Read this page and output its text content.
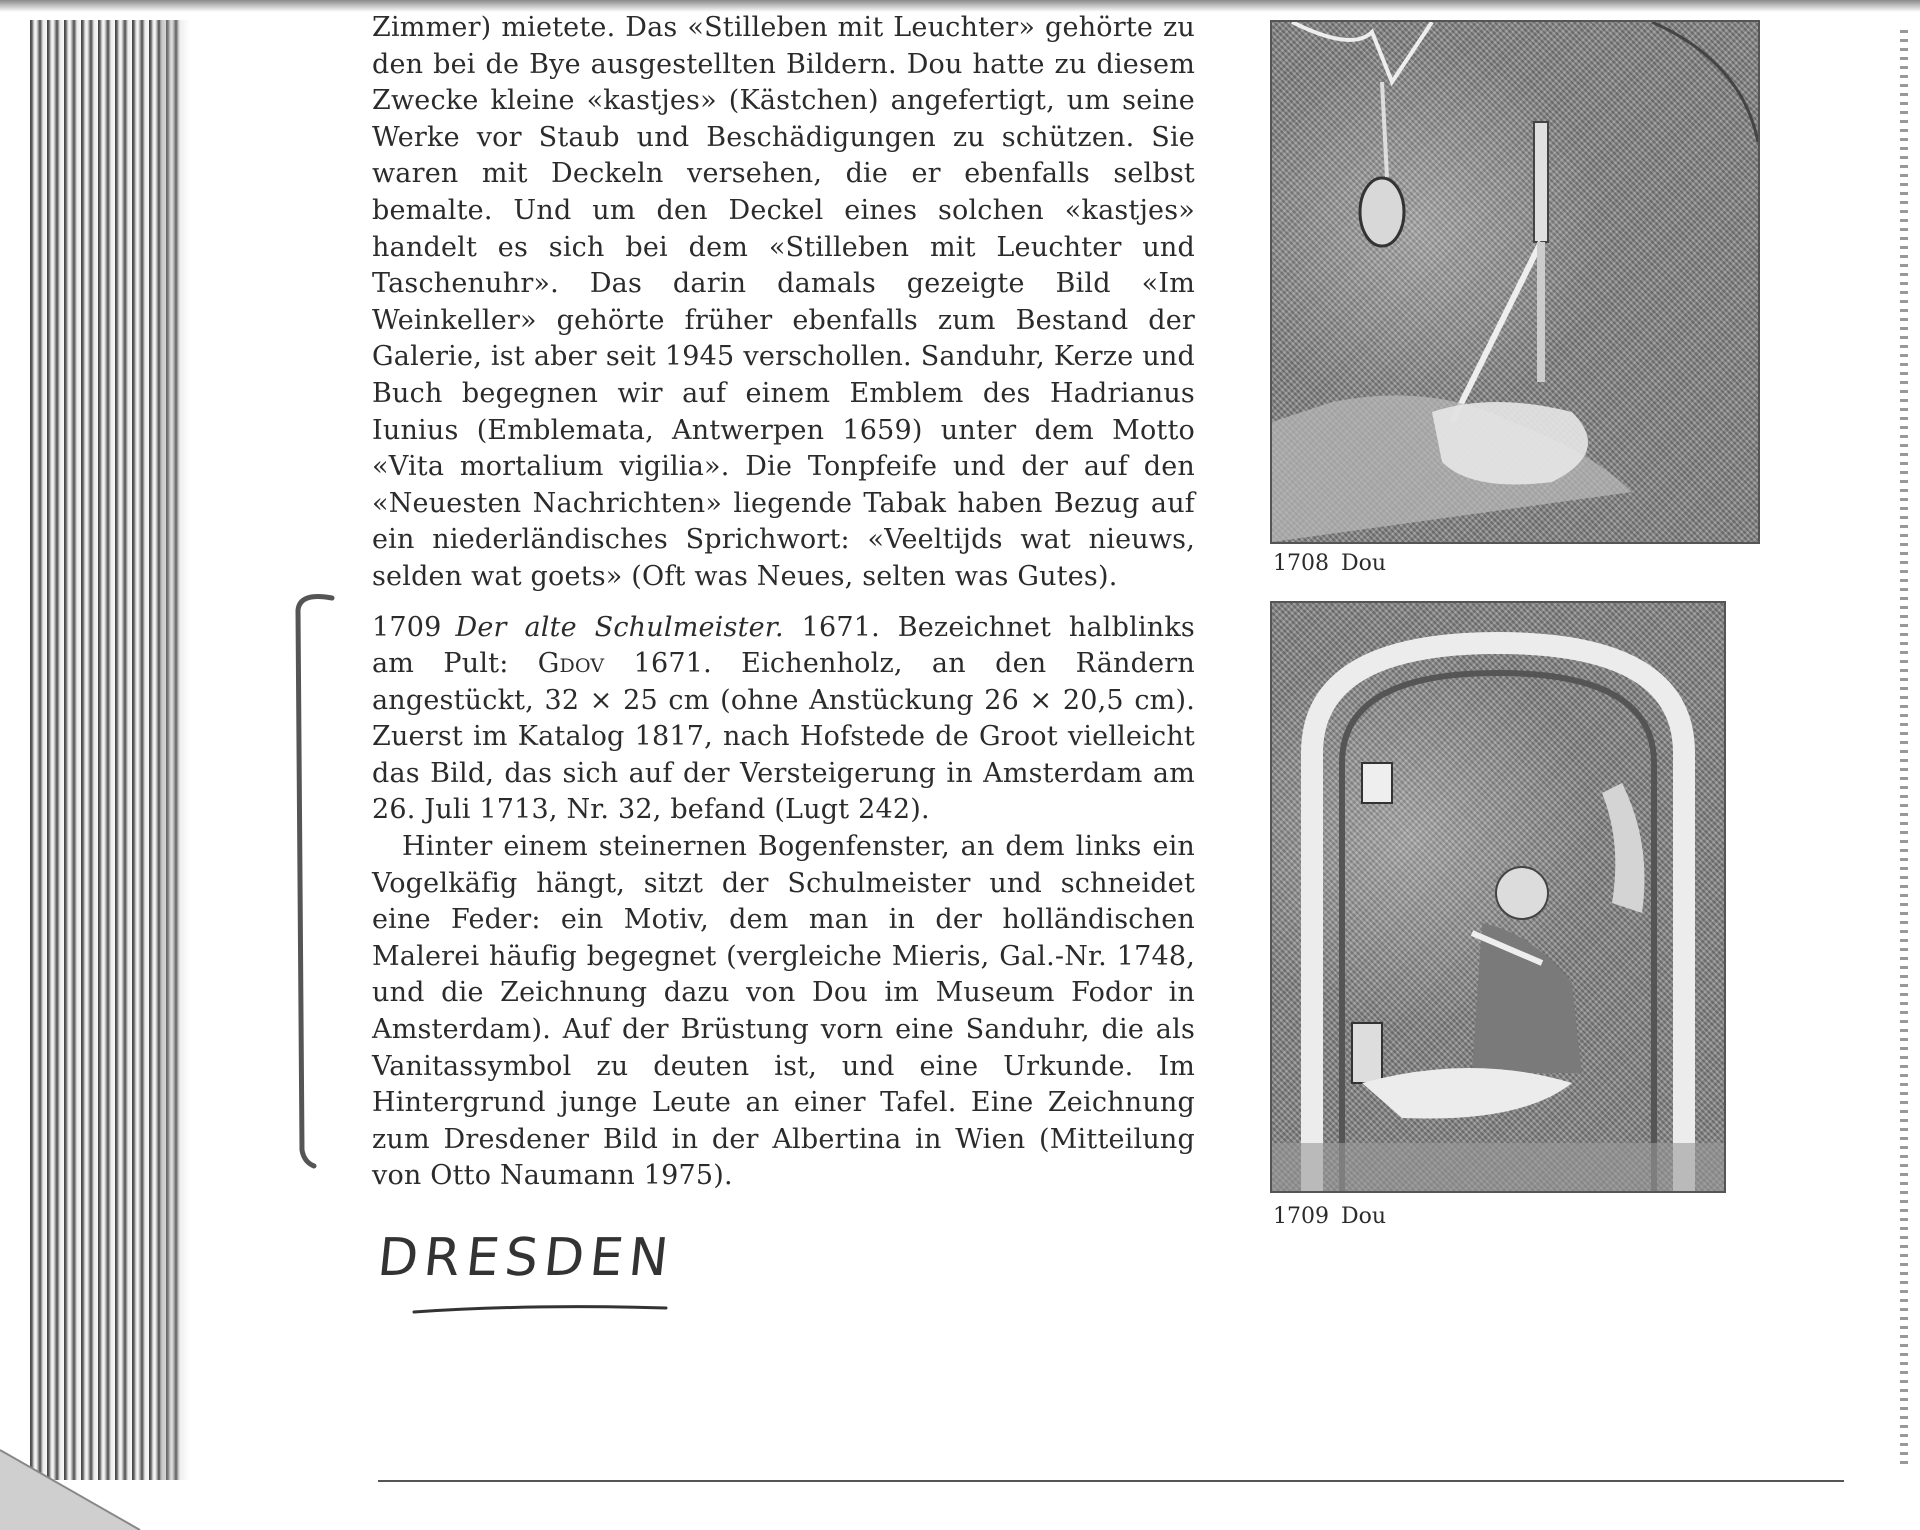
Zimmer) mietete. Das «Stilleben mit Leuchter» gehörte zu den bei de Bye ausgestellten Bildern. Dou hatte zu diesem Zwecke kleine «kastjes» (Kästchen) angefertigt, um seine Werke vor Staub und Beschädigungen zu schützen. Sie waren mit Deckeln versehen, die er ebenfalls selbst bemalte. Und um den Deckel eines solchen «kastjes» handelt es sich bei dem «Stilleben mit Leuchter und Taschenuhr». Das darin damals gezeigte Bild «Im Weinkeller» gehörte früher ebenfalls zum Bestand der Galerie, ist aber seit 1945 verschollen. Sanduhr, Kerze und Buch begegnen wir auf einem Emblem des Hadrianus Iunius (Emblemata, Antwerpen 1659) unter dem Motto «Vita mortalium vigilia». Die Tonpfeife und der auf den «Neuesten Nachrichten» liegende Tabak haben Bezug auf ein niederländisches Sprichwort: «Veeltijds wat nieuws, selden wat goets» (Oft was Neues, selten was Gutes).

1709 Der alte Schulmeister. 1671. Bezeichnet halblinks am Pult: Gdov 1671. Eichenholz, an den Rändern angestückt, 32 × 25 cm (ohne Anstückung 26 × 20,5 cm). Zuerst im Katalog 1817, nach Hofstede de Groot vielleicht das Bild, das sich auf der Versteigerung in Amsterdam am 26. Juli 1713, Nr. 32, befand (Lugt 242).

Hinter einem steinernen Bogenfenster, an dem links ein Vogelkäfig hängt, sitzt der Schulmeister und schneidet eine Feder: ein Motiv, dem man in der holländischen Malerei häufig begegnet (vergleiche Mieris, Gal.-Nr. 1748, und die Zeichnung dazu von Dou im Museum Fodor in Amsterdam). Auf der Brüstung vorn eine Sanduhr, die als Vanitassymbol zu deuten ist, und eine Urkunde. Im Hintergrund junge Leute an einer Tafel. Eine Zeichnung zum Dresdener Bild in der Albertina in Wien (Mitteilung von Otto Naumann 1975).

1708 Dou
1709 Dou
DRESDEN
